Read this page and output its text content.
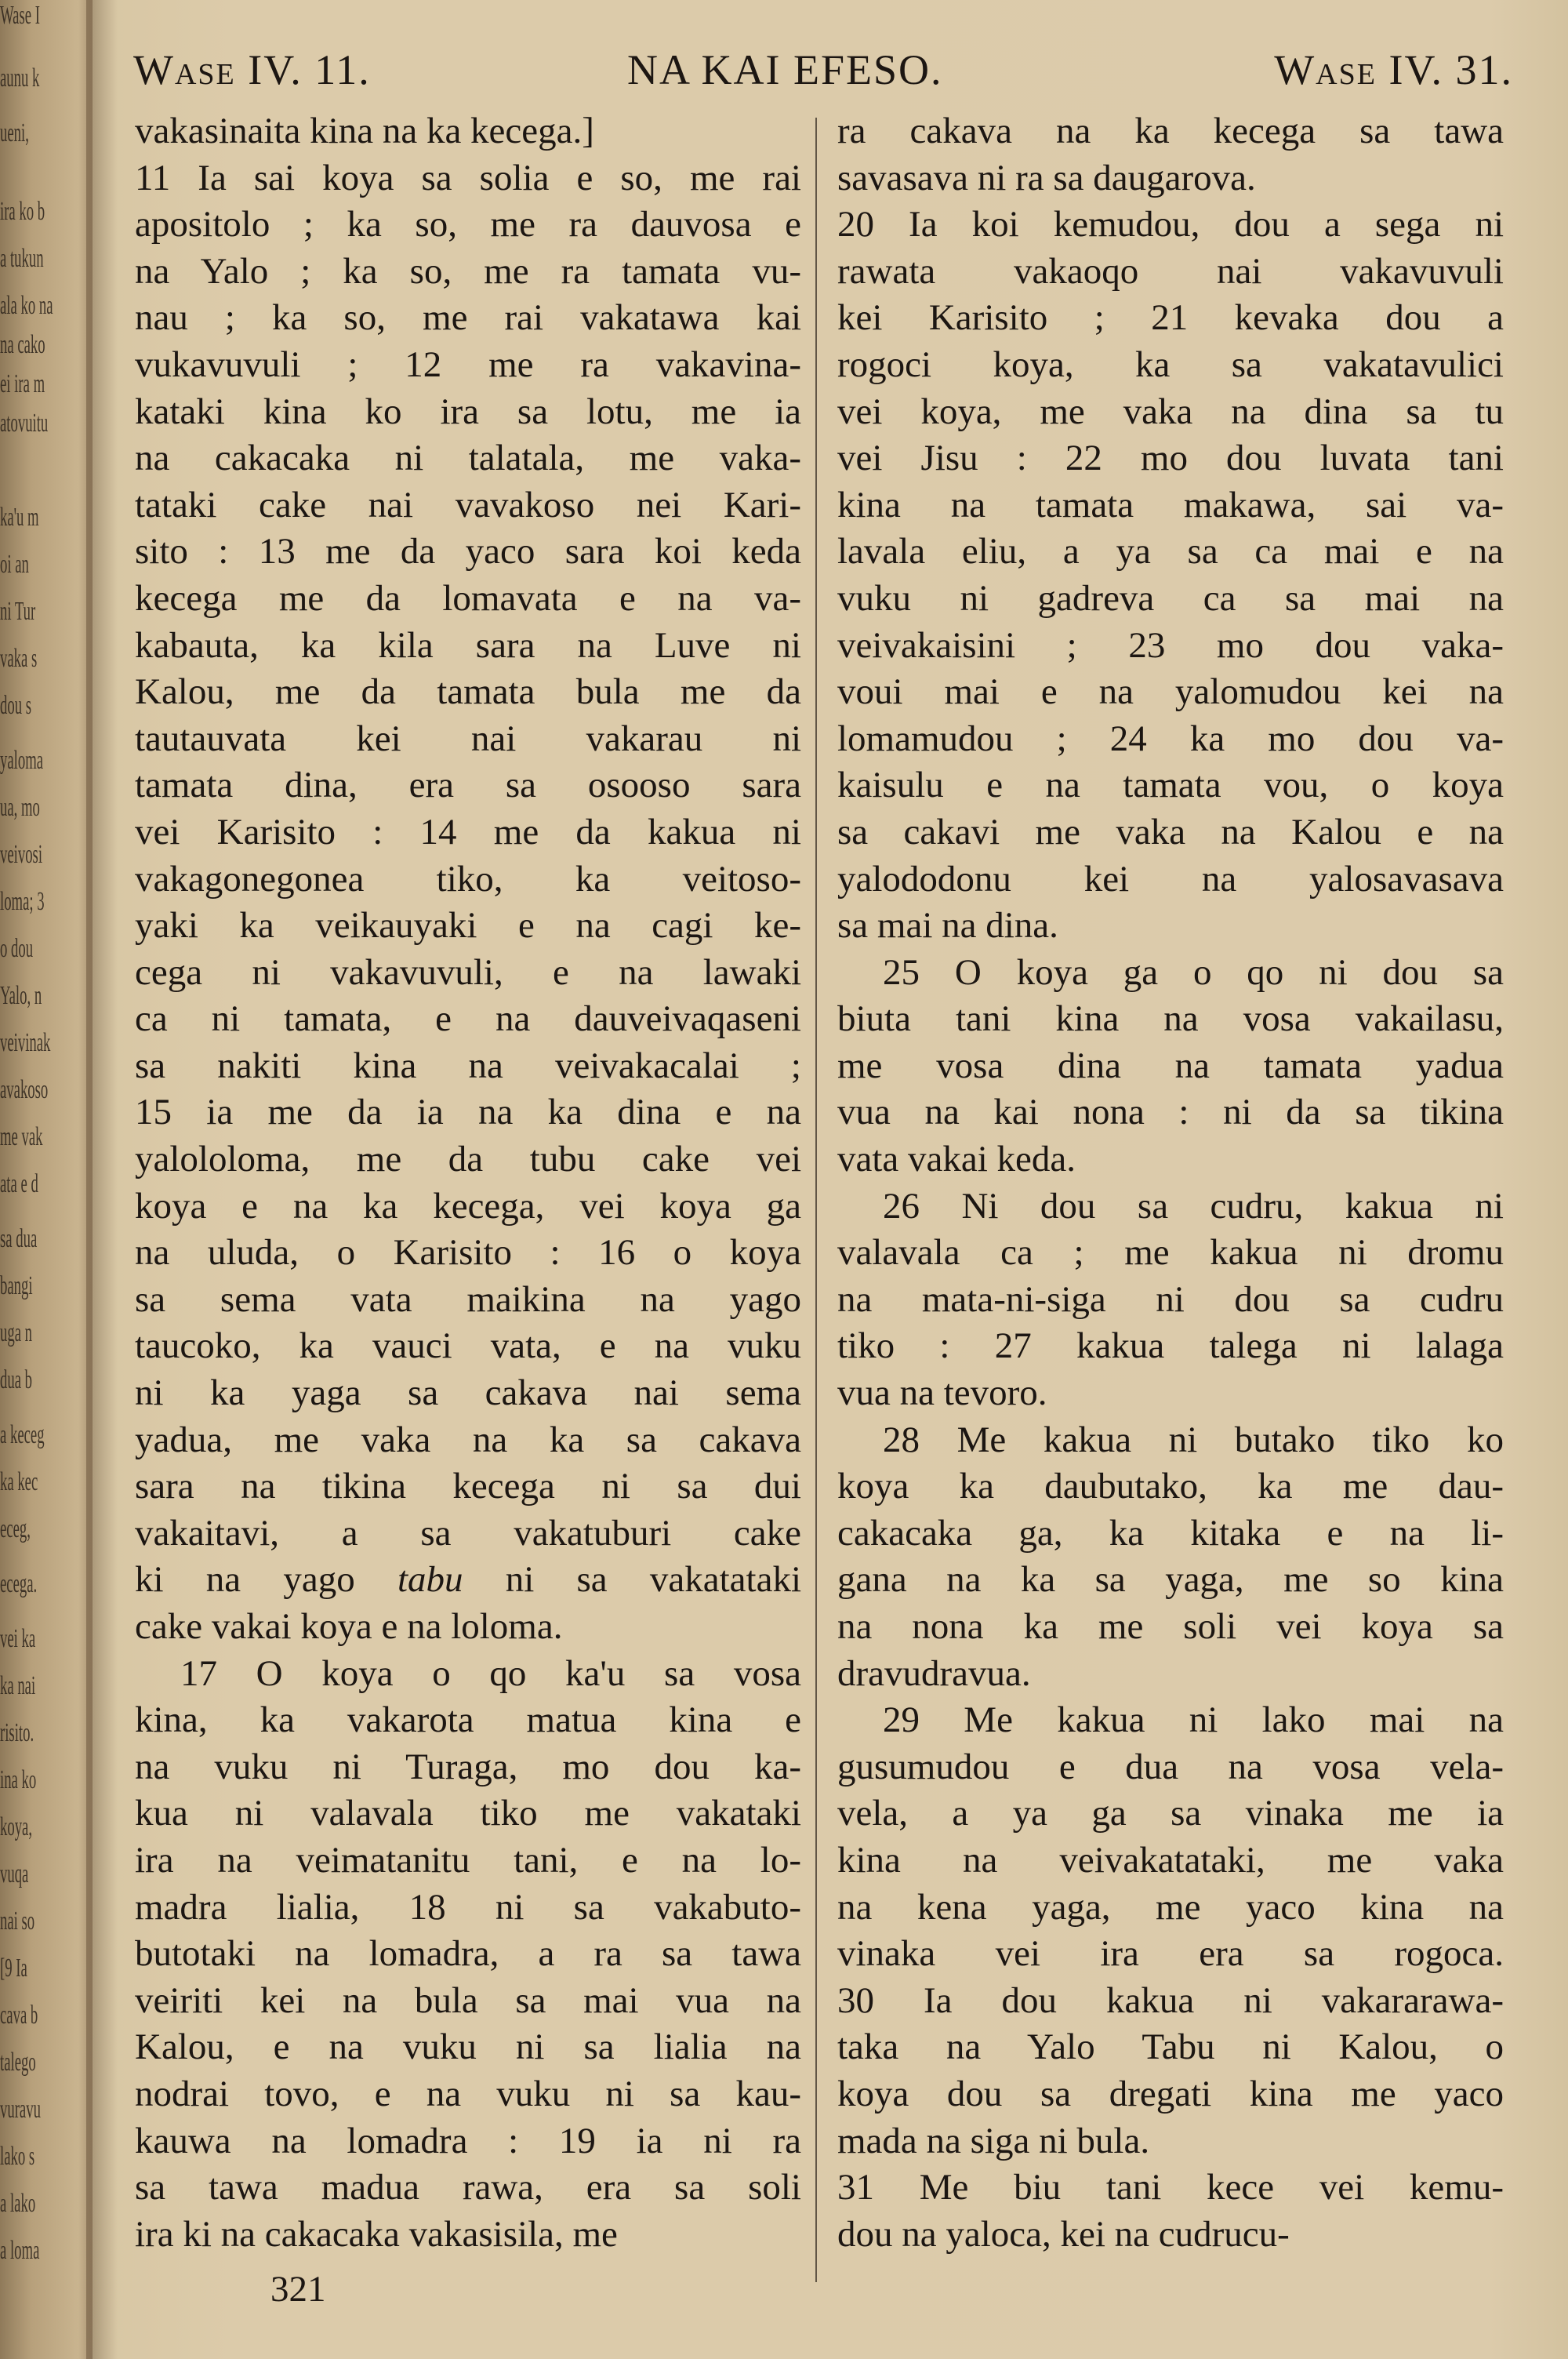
Wase I
aunu k
ueni,
ira ko b
a tukun
ala ko na
na cako
ei ira m
atovuitu
ka'u m
oi an
ni Tur
vaka s
dou s
yaloma
ua, mo
veivosi
loma; 3
o dou
Yalo, n
veivinak
avakoso
me vak
ata e d
sa dua
bangi
uga n
dua b
a keceg
ka kec
eceg,
ecega.
vei ka
ka nai
risito.
ina ko
koya,
vuqa
nai so
[9 Ia
cava b
talego
vuravu
lako s
a lako
a loma
Wase IV. 11.	NA KAI EFESO.	Wase IV. 31.
vakasinaita kina na ka kecega.]
11 Ia sai koya sa solia e so, me rai
apositolo ; ka so, me ra dauvosa e
na Yalo ; ka so, me ra tamata vu-
nau ; ka so, me rai vakatawa kai
vukavuvuli ; 12 me ra vakavina-
kataki kina ko ira sa lotu, me ia
na cakacaka ni talatala, me vaka-
tataki cake nai vavakoso nei Kari-
sito : 13 me da yaco sara koi keda
kecega me da lomavata e na va-
kabauta, ka kila sara na Luve ni
Kalou, me da tamata bula me da
tautauvata kei nai vakarau ni
tamata dina, era sa osooso sara
vei Karisito : 14 me da kakua ni
vakagonegonea tiko, ka veitoso-
yaki ka veikauyaki e na cagi ke-
cega ni vakavuvuli, e na lawaki
ca ni tamata, e na dauveivaqaseni
sa nakiti kina na veivakacalai ;
15 ia me da ia na ka dina e na
yalololoma, me da tubu cake vei
koya e na ka kecega, vei koya ga
na uluda, o Karisito : 16 o koya
sa sema vata maikina na yago
taucoko, ka vauci vata, e na vuku
ni ka yaga sa cakava nai sema
yadua, me vaka na ka sa cakava
sara na tikina kecega ni sa dui
vakaitavi, a sa vakatuburi cake
ki na yago tabu ni sa vakatataki
cake vakai koya e na loloma.
17 O koya o qo ka'u sa vosa
kina, ka vakarota matua kina e
na vuku ni Turaga, mo dou ka-
kua ni valavala tiko me vakataki
ira na veimatanitu tani, e na lo-
madra lialia, 18 ni sa vakabuto-
butotaki na lomadra, a ra sa tawa
veiriti kei na bula sa mai vua na
Kalou, e na vuku ni sa lialia na
nodrai tovo, e na vuku ni sa kau-
kauwa na lomadra : 19 ia ni ra
sa tawa madua rawa, era sa soli
ira ki na cakacaka vakasisila, me
ra cakava na ka kecega sa tawa
savasava ni ra sa daugarova.
20 Ia koi kemudou, dou a sega ni
rawata vakaoqo nai vakavuvuli
kei Karisito ; 21 kevaka dou a
rogoci koya, ka sa vakatavulici
vei koya, me vaka na dina sa tu
vei Jisu : 22 mo dou luvata tani
kina na tamata makawa, sai va-
lavala eliu, a ya sa ca mai e na
vuku ni gadreva ca sa mai na
veivakaisini ; 23 mo dou vaka-
voui mai e na yalomudou kei na
lomamudou ; 24 ka mo dou va-
kaisulu e na tamata vou, o koya
sa cakavi me vaka na Kalou e na
yalododonu kei na yalosavasava
sa mai na dina.
25 O koya ga o qo ni dou sa
biuta tani kina na vosa vakailasu,
me vosa dina na tamata yadua
vua na kai nona : ni da sa tikina
vata vakai keda.
26 Ni dou sa cudru, kakua ni
valavala ca ; me kakua ni dromu
na mata-ni-siga ni dou sa cudru
tiko : 27 kakua talega ni lalaga
vua na tevoro.
28 Me kakua ni butako tiko ko
koya ka daubutako, ka me dau-
cakacaka ga, ka kitaka e na li-
gana na ka sa yaga, me so kina
na nona ka me soli vei koya sa
dravudravua.
29 Me kakua ni lako mai na
gusumudou e dua na vosa vela-
vela, a ya ga sa vinaka me ia
kina na veivakatataki, me vaka
na kena yaga, me yaco kina na
vinaka vei ira era sa rogoca.
30 Ia dou kakua ni vakararawa-
taka na Yalo Tabu ni Kalou, o
koya dou sa dregati kina me yaco
mada na siga ni bula.
31 Me biu tani kece vei kemu-
dou na yaloca, kei na cudrucu-
321
